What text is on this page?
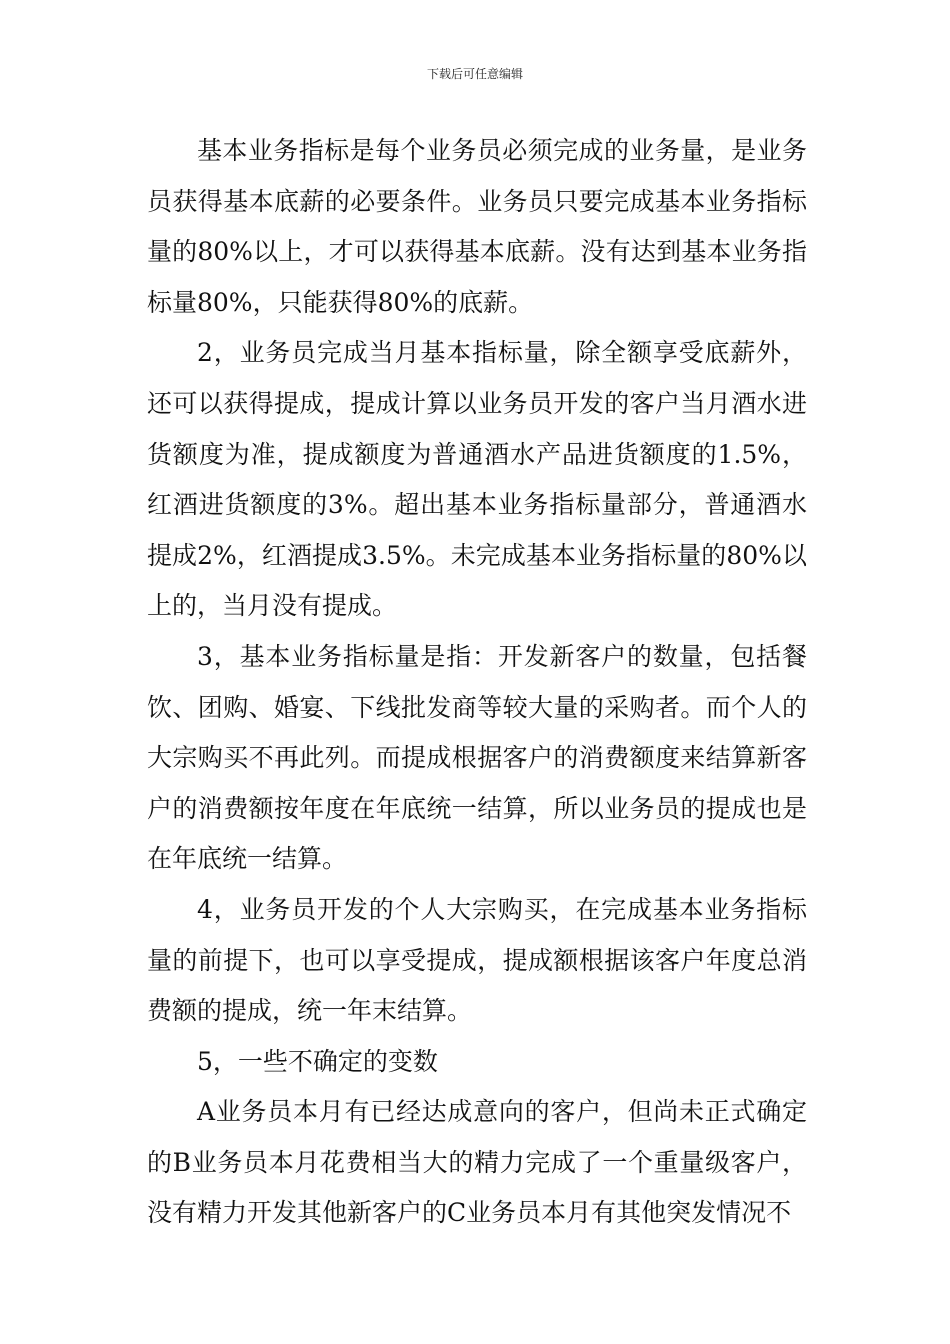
下载后可任意编辑

基本业务指标是每个业务员必须完成的业务量，是业务员获得基本底薪的必要条件。业务员只要完成基本业务指标量的80%以上，才可以获得基本底薪。没有达到基本业务指标量80%，只能获得80%的底薪。

2，业务员完成当月基本指标量，除全额享受底薪外，还可以获得提成，提成计算以业务员开发的客户当月酒水进货额度为准，提成额度为普通酒水产品进货额度的1.5%，红酒进货额度的3%。超出基本业务指标量部分，普通酒水提成2%，红酒提成3.5%。未完成基本业务指标量的80%以上的，当月没有提成。

3，基本业务指标量是指：开发新客户的数量，包括餐饮、团购、婚宴、下线批发商等较大量的采购者。而个人的大宗购买不再此列。而提成根据客户的消费额度来结算新客户的消费额按年度在年底统一结算，所以业务员的提成也是在年底统一结算。

4，业务员开发的个人大宗购买，在完成基本业务指标量的前提下，也可以享受提成，提成额根据该客户年度总消费额的提成，统一年末结算。

5，一些不确定的变数

A业务员本月有已经达成意向的客户，但尚未正式确定的B业务员本月花费相当大的精力完成了一个重量级客户，没有精力开发其他新客户的C业务员本月有其他突发情况不
